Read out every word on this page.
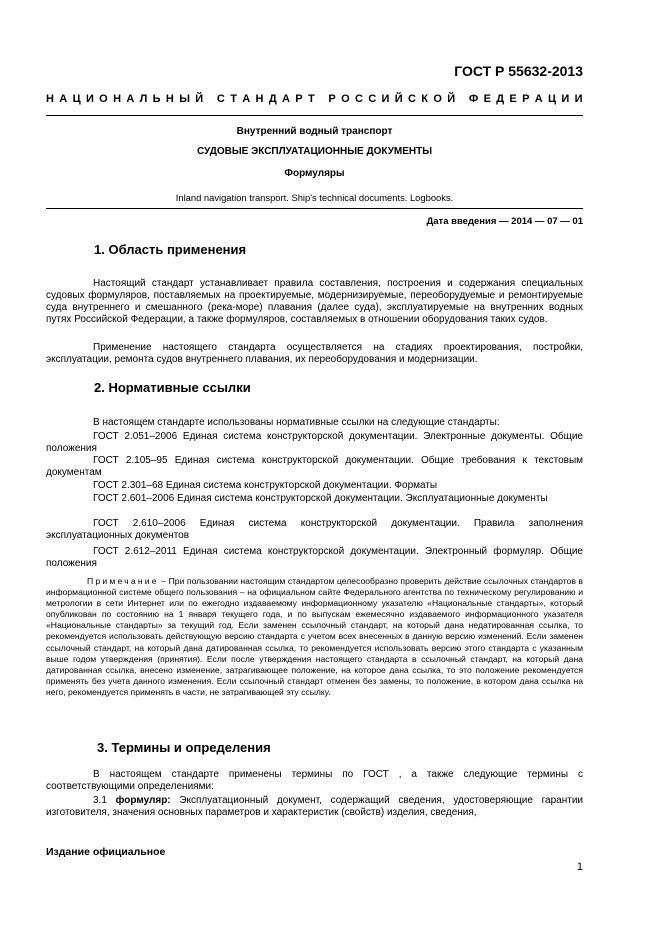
ГОСТ Р 55632-2013
Н А Ц И О Н А Л Ь Н Ы Й
С Т А Н Д А Р Т
Р О С С И Й С К О Й
Ф Е Д Е Р А Ц И И
Внутренний водный транспорт
СУДОВЫЕ ЭКСПЛУАТАЦИОННЫЕ ДОКУМЕНТЫ
Формуляры
Inland navigation transport. Ship's technical documents. Logbooks.
Дата введения — 2014 — 07 — 01
1. Область применения
Настоящий стандарт устанавливает правила составления, построения и содержания специальных судовых формуляров, поставляемых на проектируемые, модернизируемые, переоборудуемые и ремонтируемые суда внутреннего и смешанного (река-море) плавания (далее суда), эксплуатируемые на внутренних водных путях Российской Федерации, а также формуляров, составляемых в отношении оборудования таких судов.
Применение настоящего стандарта осуществляется на стадиях проектирования, постройки, эксплуатации, ремонта судов внутреннего плавания, их переоборудования и модернизации.
2. Нормативные ссылки
В настоящем стандарте использованы нормативные ссылки на следующие стандарты:
ГОСТ 2.051–2006 Единая система конструкторской документации. Электронные документы. Общие положения
ГОСТ 2.105–95 Единая система конструкторской документации. Общие требования к текстовым документам
ГОСТ 2.301–68 Единая система конструкторской документации. Форматы
ГОСТ 2.601–2006 Единая система конструкторской документации. Эксплуатационные документы
ГОСТ 2.610–2006 Единая система конструкторской документации. Правила заполнения эксплуатационных документов
ГОСТ 2.612–2011 Единая система конструкторской документации. Электронный формуляр. Общие положения
Примечание – При пользовании настоящим стандартом целесообразно проверить действие ссылочных стандартов в информационной системе общего пользования – на официальном сайте Федерального агентства по техническому регулированию и метрологии в сети Интернет или по ежегодно издаваемому информационному указателю «Национальные стандарты», который опубликован по состоянию на 1 января текущего года, и по выпускам ежемесячно издаваемого информационного указателя «Национальные стандарты» за текущий год. Если заменен ссылочный стандарт, на который дана недатированная ссылка, то рекомендуется использовать действующую версию стандарта с учетом всех внесенных в данную версию изменений. Если заменен ссылочный стандарт, на который дана датированная ссылка, то рекомендуется использовать версию этого стандарта с указанным выше годом утверждения (принятия). Если после утверждения настоящего стандарта в ссылочный стандарт, на который дана датированная ссылка, внесено изменение, затрагивающее положение, на которое дана ссылка, то это положение рекомендуется применять без учета данного изменения. Если ссылочный стандарт отменен без замены, то положение, в котором дана ссылка на него, рекомендуется применять в части, не затрагивающей эту ссылку.
3. Термины и определения
В настоящем стандарте применены термины по ГОСТ , а также следующие термины с соответствующими определениями:
3.1 формуляр: Эксплуатационный документ, содержащий сведения, удостоверяющие гарантии изготовителя, значения основных параметров и характеристик (свойств) изделия, сведения,
Издание официальное
1
